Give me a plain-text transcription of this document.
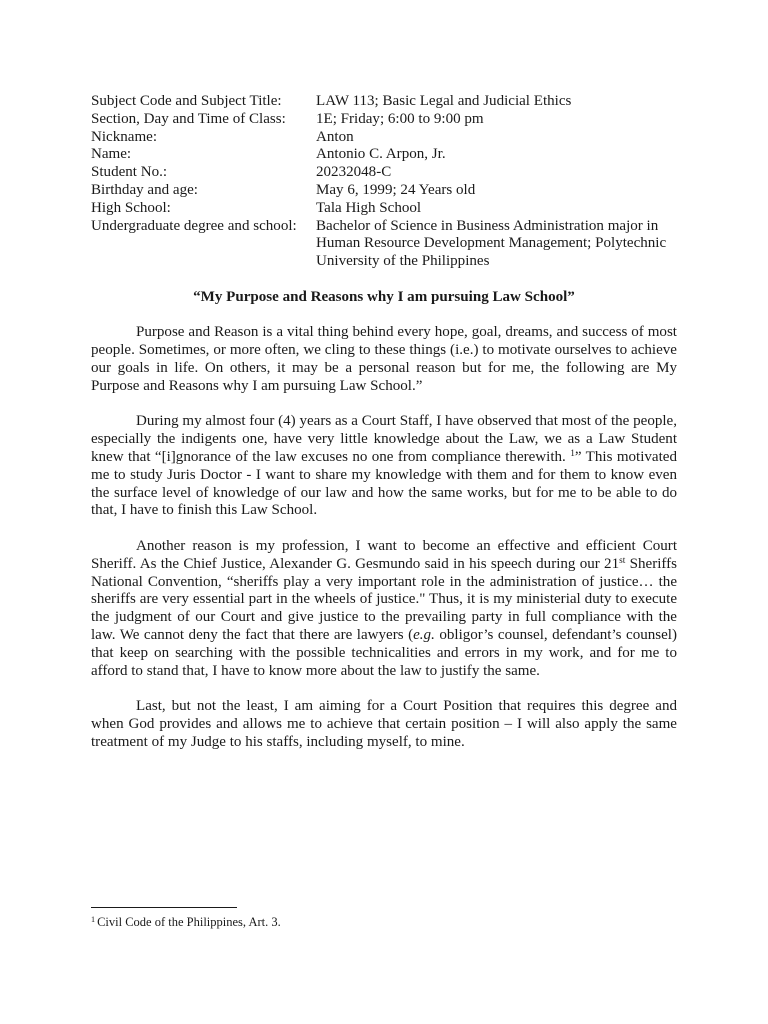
Subject Code and Subject Title:	LAW 113; Basic Legal and Judicial Ethics
Section, Day and Time of Class:	1E; Friday; 6:00 to 9:00 pm
Nickname:	Anton
Name:	Antonio C. Arpon, Jr.
Student No.:	20232048-C
Birthday and age:	May 6, 1999; 24 Years old
High School:	Tala High School
Undergraduate degree and school:	Bachelor of Science in Business Administration major in Human Resource Development Management; Polytechnic University of the Philippines
“My Purpose and Reasons why I am pursuing Law School”

Purpose and Reason is a vital thing behind every hope, goal, dreams, and success of most people. Sometimes, or more often, we cling to these things (i.e.) to motivate ourselves to achieve our goals in life. On others, it may be a personal reason but for me, the following are My Purpose and Reasons why I am pursuing Law School.”

During my almost four (4) years as a Court Staff, I have observed that most of the people, especially the indigents one, have very little knowledge about the Law, we as a Law Student knew that “[i]gnorance of the law excuses no one from compliance therewith. $^1$” This motivated me to study Juris Doctor - I want to share my knowledge with them and for them to know even the surface level of knowledge of our law and how the same works, but for me to be able to do that, I have to finish this Law School.

Another reason is my profession, I want to become an effective and efficient Court Sheriff. As the Chief Justice, Alexander G. Gesmundo said in his speech during our 21st Sheriffs National Convention, “sheriffs play a very important role in the administration of justice… the sheriffs are very essential part in the wheels of justice." Thus, it is my ministerial duty to execute the judgment of our Court and give justice to the prevailing party in full compliance with the law. We cannot deny the fact that there are lawyers (e.g. obligor’s counsel, defendant’s counsel) that keep on searching with the possible technicalities and errors in my work, and for me to afford to stand that, I have to know more about the law to justify the same.

Last, but not the least, I am aiming for a Court Position that requires this degree and when God provides and allows me to achieve that certain position – I will also apply the same treatment of my Judge to his staffs, including myself, to mine.

$^1$ Civil Code of the Philippines, Art. 3.
